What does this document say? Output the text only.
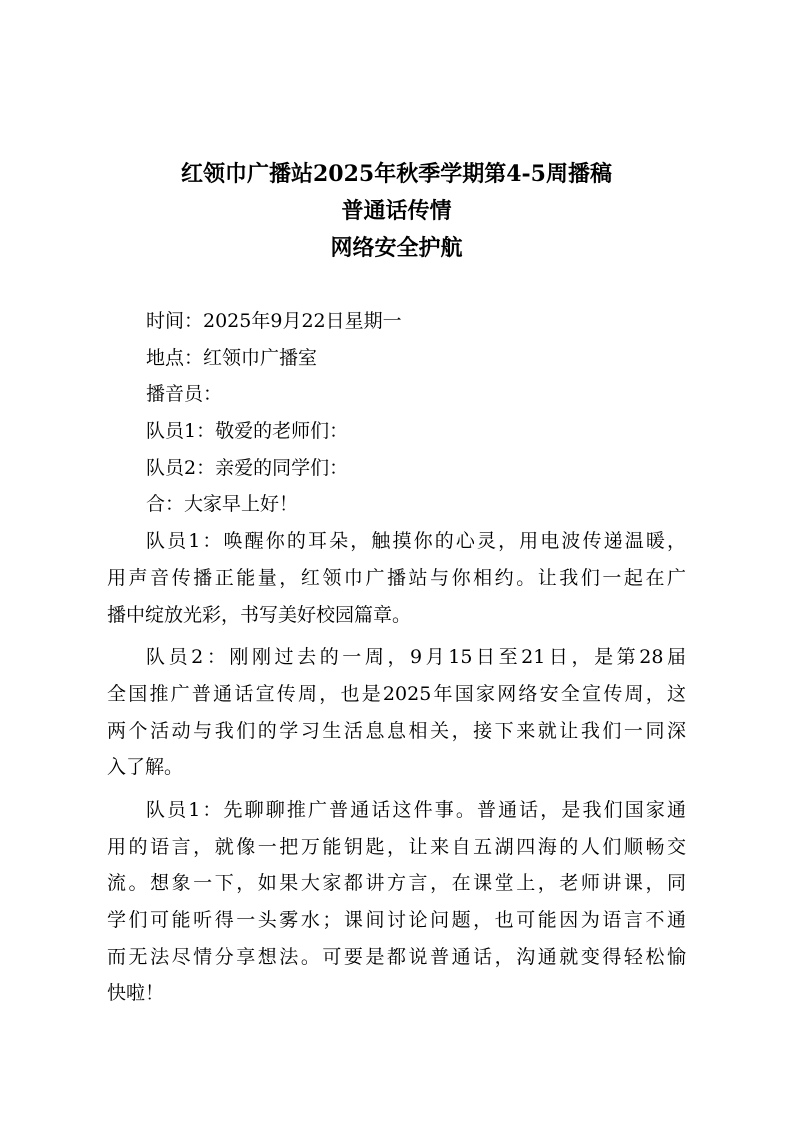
红领巾广播站2025年秋季学期第4-5周播稿
普通话传情
网络安全护航
时间：2025年9月22日星期一
地点：红领巾广播室
播音员：
队员1：敬爱的老师们：
队员2：亲爱的同学们：
合：大家早上好！
队员1：唤醒你的耳朵，触摸你的心灵，用电波传递温暖，
用声音传播正能量，红领巾广播站与你相约。让我们一起在广
播中绽放光彩，书写美好校园篇章。
队员2：刚刚过去的一周，9月15日至21日，是第28届
全国推广普通话宣传周，也是2025年国家网络安全宣传周，这
两个活动与我们的学习生活息息相关，接下来就让我们一同深
入了解。
队员1：先聊聊推广普通话这件事。普通话，是我们国家通
用的语言，就像一把万能钥匙，让来自五湖四海的人们顺畅交
流。想象一下，如果大家都讲方言，在课堂上，老师讲课，同
学们可能听得一头雾水；课间讨论问题，也可能因为语言不通
而无法尽情分享想法。可要是都说普通话，沟通就变得轻松愉
快啦！
